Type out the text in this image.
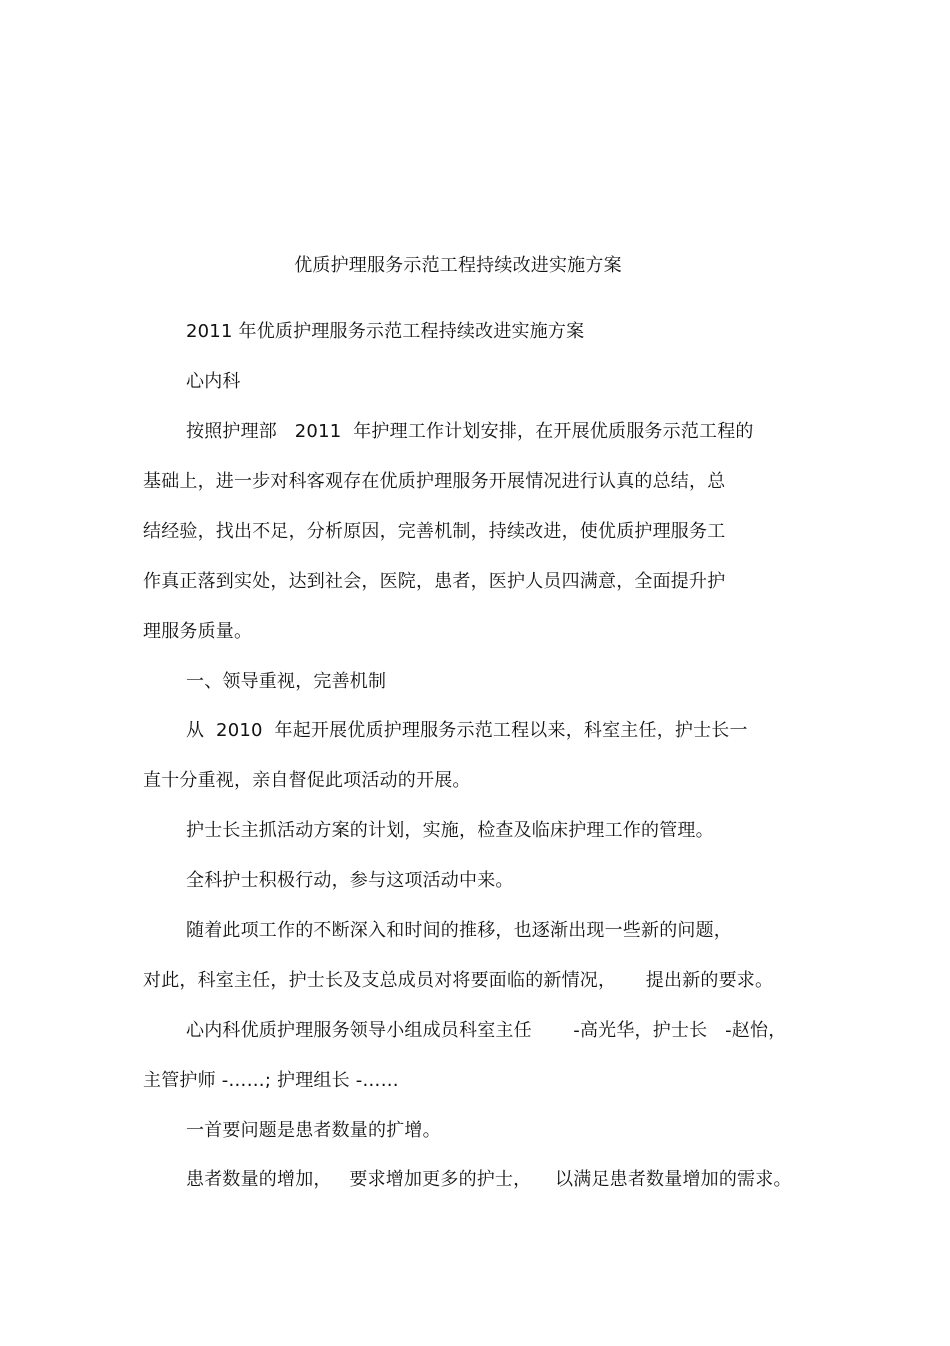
优质护理服务示范工程持续改进实施方案
2011 年优质护理服务示范工程持续改进实施方案
心内科
按照护理部   2011  年护理工作计划安排，在开展优质服务示范工程的
基础上，进一步对科客观存在优质护理服务开展情况进行认真的总结，总
结经验，找出不足，分析原因，完善机制，持续改进，使优质护理服务工
作真正落到实处，达到社会，医院，患者，医护人员四满意，全面提升护
理服务质量。
一、领导重视，完善机制
从  2010  年起开展优质护理服务示范工程以来，科室主任，护士长一
直十分重视，亲自督促此项活动的开展。
护士长主抓活动方案的计划，实施，检查及临床护理工作的管理。
全科护士积极行动，参与这项活动中来。
随着此项工作的不断深入和时间的推移，也逐渐出现一些新的问题，
对此，科室主任，护士长及支总成员对将要面临的新情况，     提出新的要求。
心内科优质护理服务领导小组成员科室主任       -高光华，护士长   -赵怡，
主管护师 -……; 护理组长 -……
一首要问题是患者数量的扩增。
患者数量的增加，   要求增加更多的护士，    以满足患者数量增加的需求。
